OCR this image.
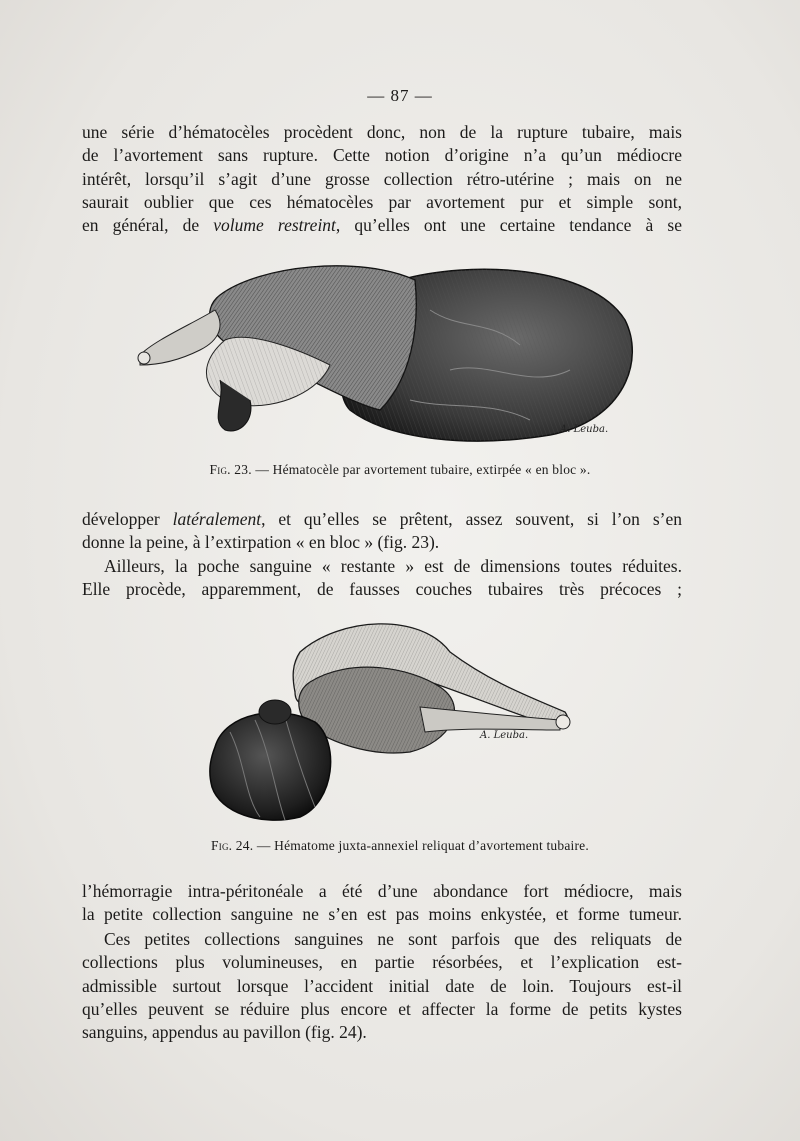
— 87 —
une série d’hématocèles procèdent donc, non de la rupture tubaire, mais
de l’avortement sans rupture. Cette notion d’origine n’a qu’un médiocre
intérêt, lorsqu’il s’agit d’une grosse collection rétro-utérine ; mais on ne
saurait oublier que ces hématocèles par avortement pur et simple sont,
en général, de volume restreint, qu’elles ont une certaine tendance à se
A. Leuba.
Fig. 23. — Hématocèle par avortement tubaire, extirpée « en bloc ».
développer latéralement, et qu’elles se prêtent, assez souvent, si l’on s’en
donne la peine, à l’extirpation « en bloc » (fig. 23).
Ailleurs, la poche sanguine « restante » est de dimensions toutes réduites.
Elle procède, apparemment, de fausses couches tubaires très précoces ;
A. Leuba.
Fig. 24. — Hématome juxta-annexiel reliquat d’avortement tubaire.
l’hémorragie intra-péritonéale a été d’une abondance fort médiocre, mais
la petite collection sanguine ne s’en est pas moins enkystée, et forme tumeur.
Ces petites collections sanguines ne sont parfois que des reliquats de
collections plus volumineuses, en partie résorbées, et l’explication est-
admissible surtout lorsque l’accident initial date de loin. Toujours est-il
qu’elles peuvent se réduire plus encore et affecter la forme de petits kystes
sanguins, appendus au pavillon (fig. 24).
